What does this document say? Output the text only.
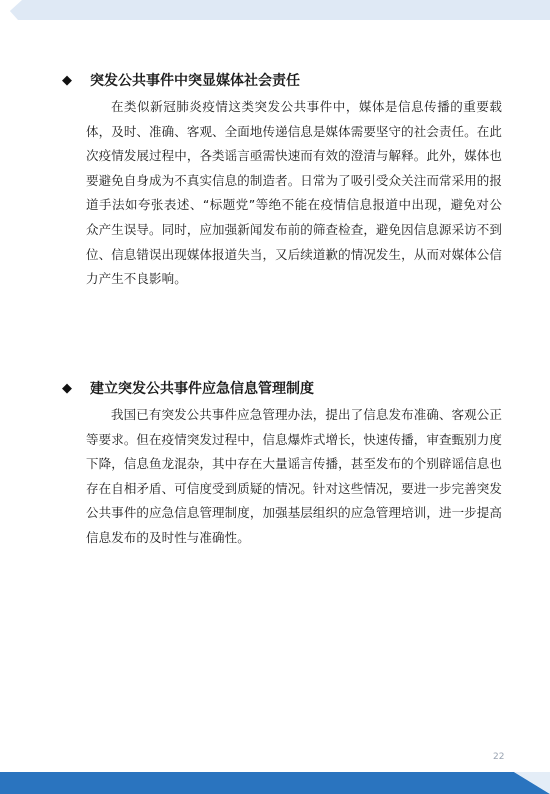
◆	突发公共事件中突显媒体社会责任

在类似新冠肺炎疫情这类突发公共事件中，媒体是信息传播的重要载体，及时、准确、客观、全面地传递信息是媒体需要坚守的社会责任。在此次疫情发展过程中，各类谣言亟需快速而有效的澄清与解释。此外，媒体也要避免自身成为不真实信息的制造者。日常为了吸引受众关注而常采用的报道手法如夸张表述、“标题党”等绝不能在疫情信息报道中出现，避免对公众产生误导。同时，应加强新闻发布前的筛查检查，避免因信息源采访不到位、信息错误出现媒体报道失当，又后续道歉的情况发生，从而对媒体公信力产生不良影响。

◆	建立突发公共事件应急信息管理制度

我国已有突发公共事件应急管理办法，提出了信息发布准确、客观公正等要求。但在疫情突发过程中，信息爆炸式增长，快速传播，审查甄别力度下降，信息鱼龙混杂，其中存在大量谣言传播，甚至发布的个别辟谣信息也存在自相矛盾、可信度受到质疑的情况。针对这些情况，要进一步完善突发公共事件的应急信息管理制度，加强基层组织的应急管理培训，进一步提高信息发布的及时性与准确性。

22
